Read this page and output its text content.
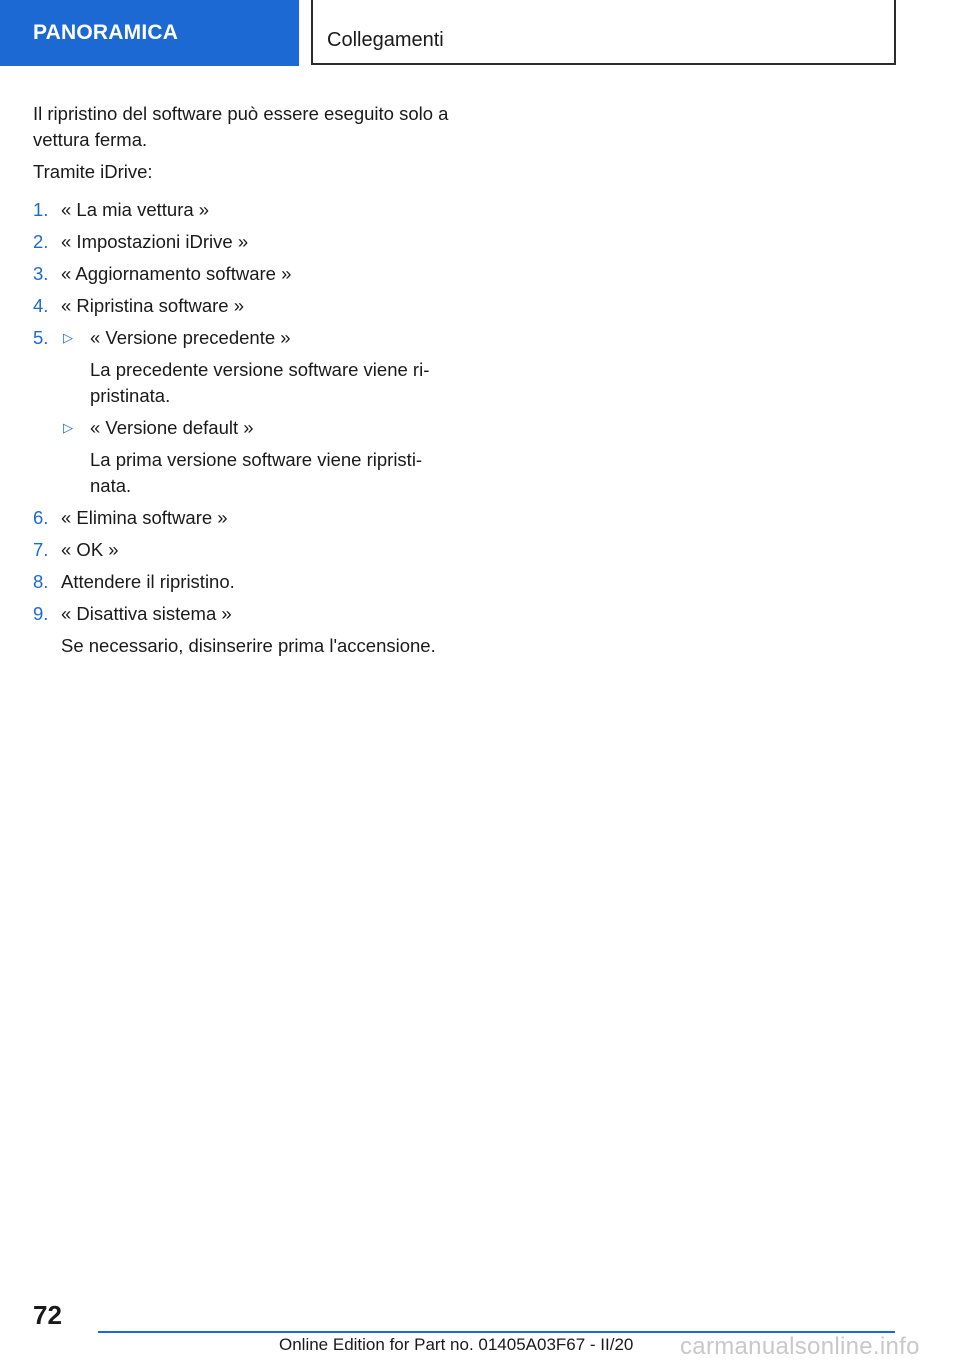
PANORAMICA	Collegamenti

Il ripristino del software può essere eseguito solo a vettura ferma.

Tramite iDrive:

1. « La mia vettura »
2. « Impostazioni iDrive »
3. « Aggiornamento software »
4. « Ripristina software »
5. ▷ « Versione precedente »
La precedente versione software viene ri‐ pristinata.
▷ « Versione default »
La prima versione software viene ripristi‐ nata.
6. « Elimina software »
7. « OK »
8. Attendere il ripristino.
9. « Disattiva sistema »
Se necessario, disinserire prima l'accensione.
72
Online Edition for Part no. 01405A03F67 - II/20 carmanualsonline.info
